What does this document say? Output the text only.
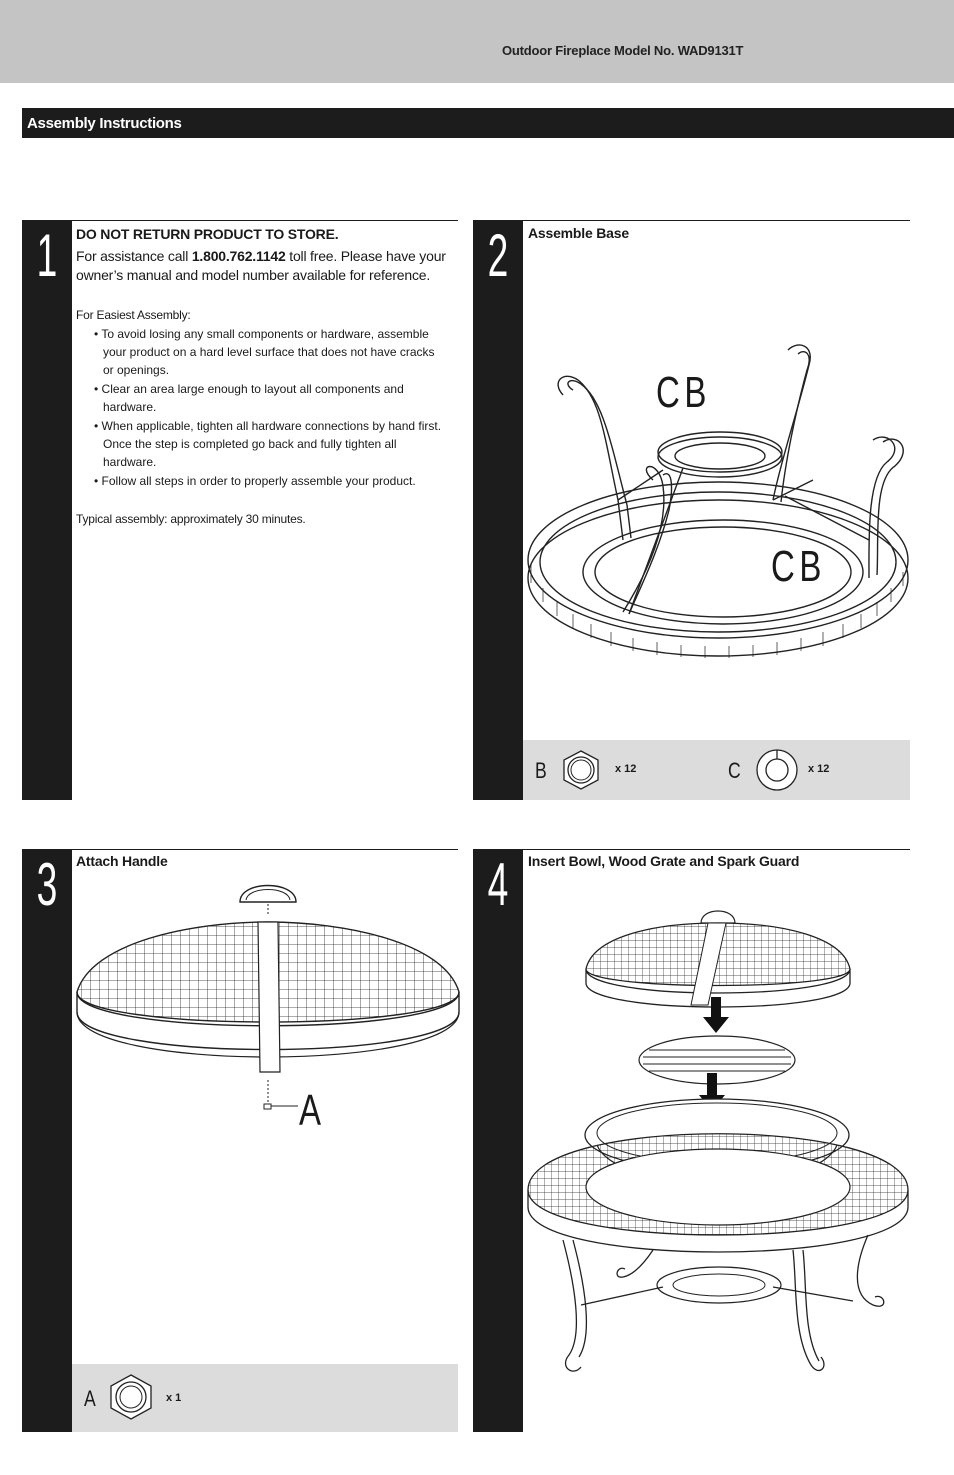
Outdoor Fireplace Model No. WAD9131T
Assembly Instructions
1	DO NOT RETURN PRODUCT TO STORE.
For assistance call 1.800.762.1142 toll free. Please have your owner’s manual and model number available for reference.
For Easiest Assembly:
• To avoid losing any small components or hardware, assemble your product on a hard level surface that does not have cracks or openings.
• Clear an area large enough to layout all components and hardware.
• When applicable, tighten all hardware connections by hand first. Once the step is completed go back and fully tighten all hardware.
• Follow all steps in order to properly assemble your product.
Typical assembly: approximately 30 minutes.
2	Assemble Base
CB
CB
B	x 12	C	x 12
3	Attach Handle
A
A	x 1
4	Insert Bowl, Wood Grate and Spark Guard
